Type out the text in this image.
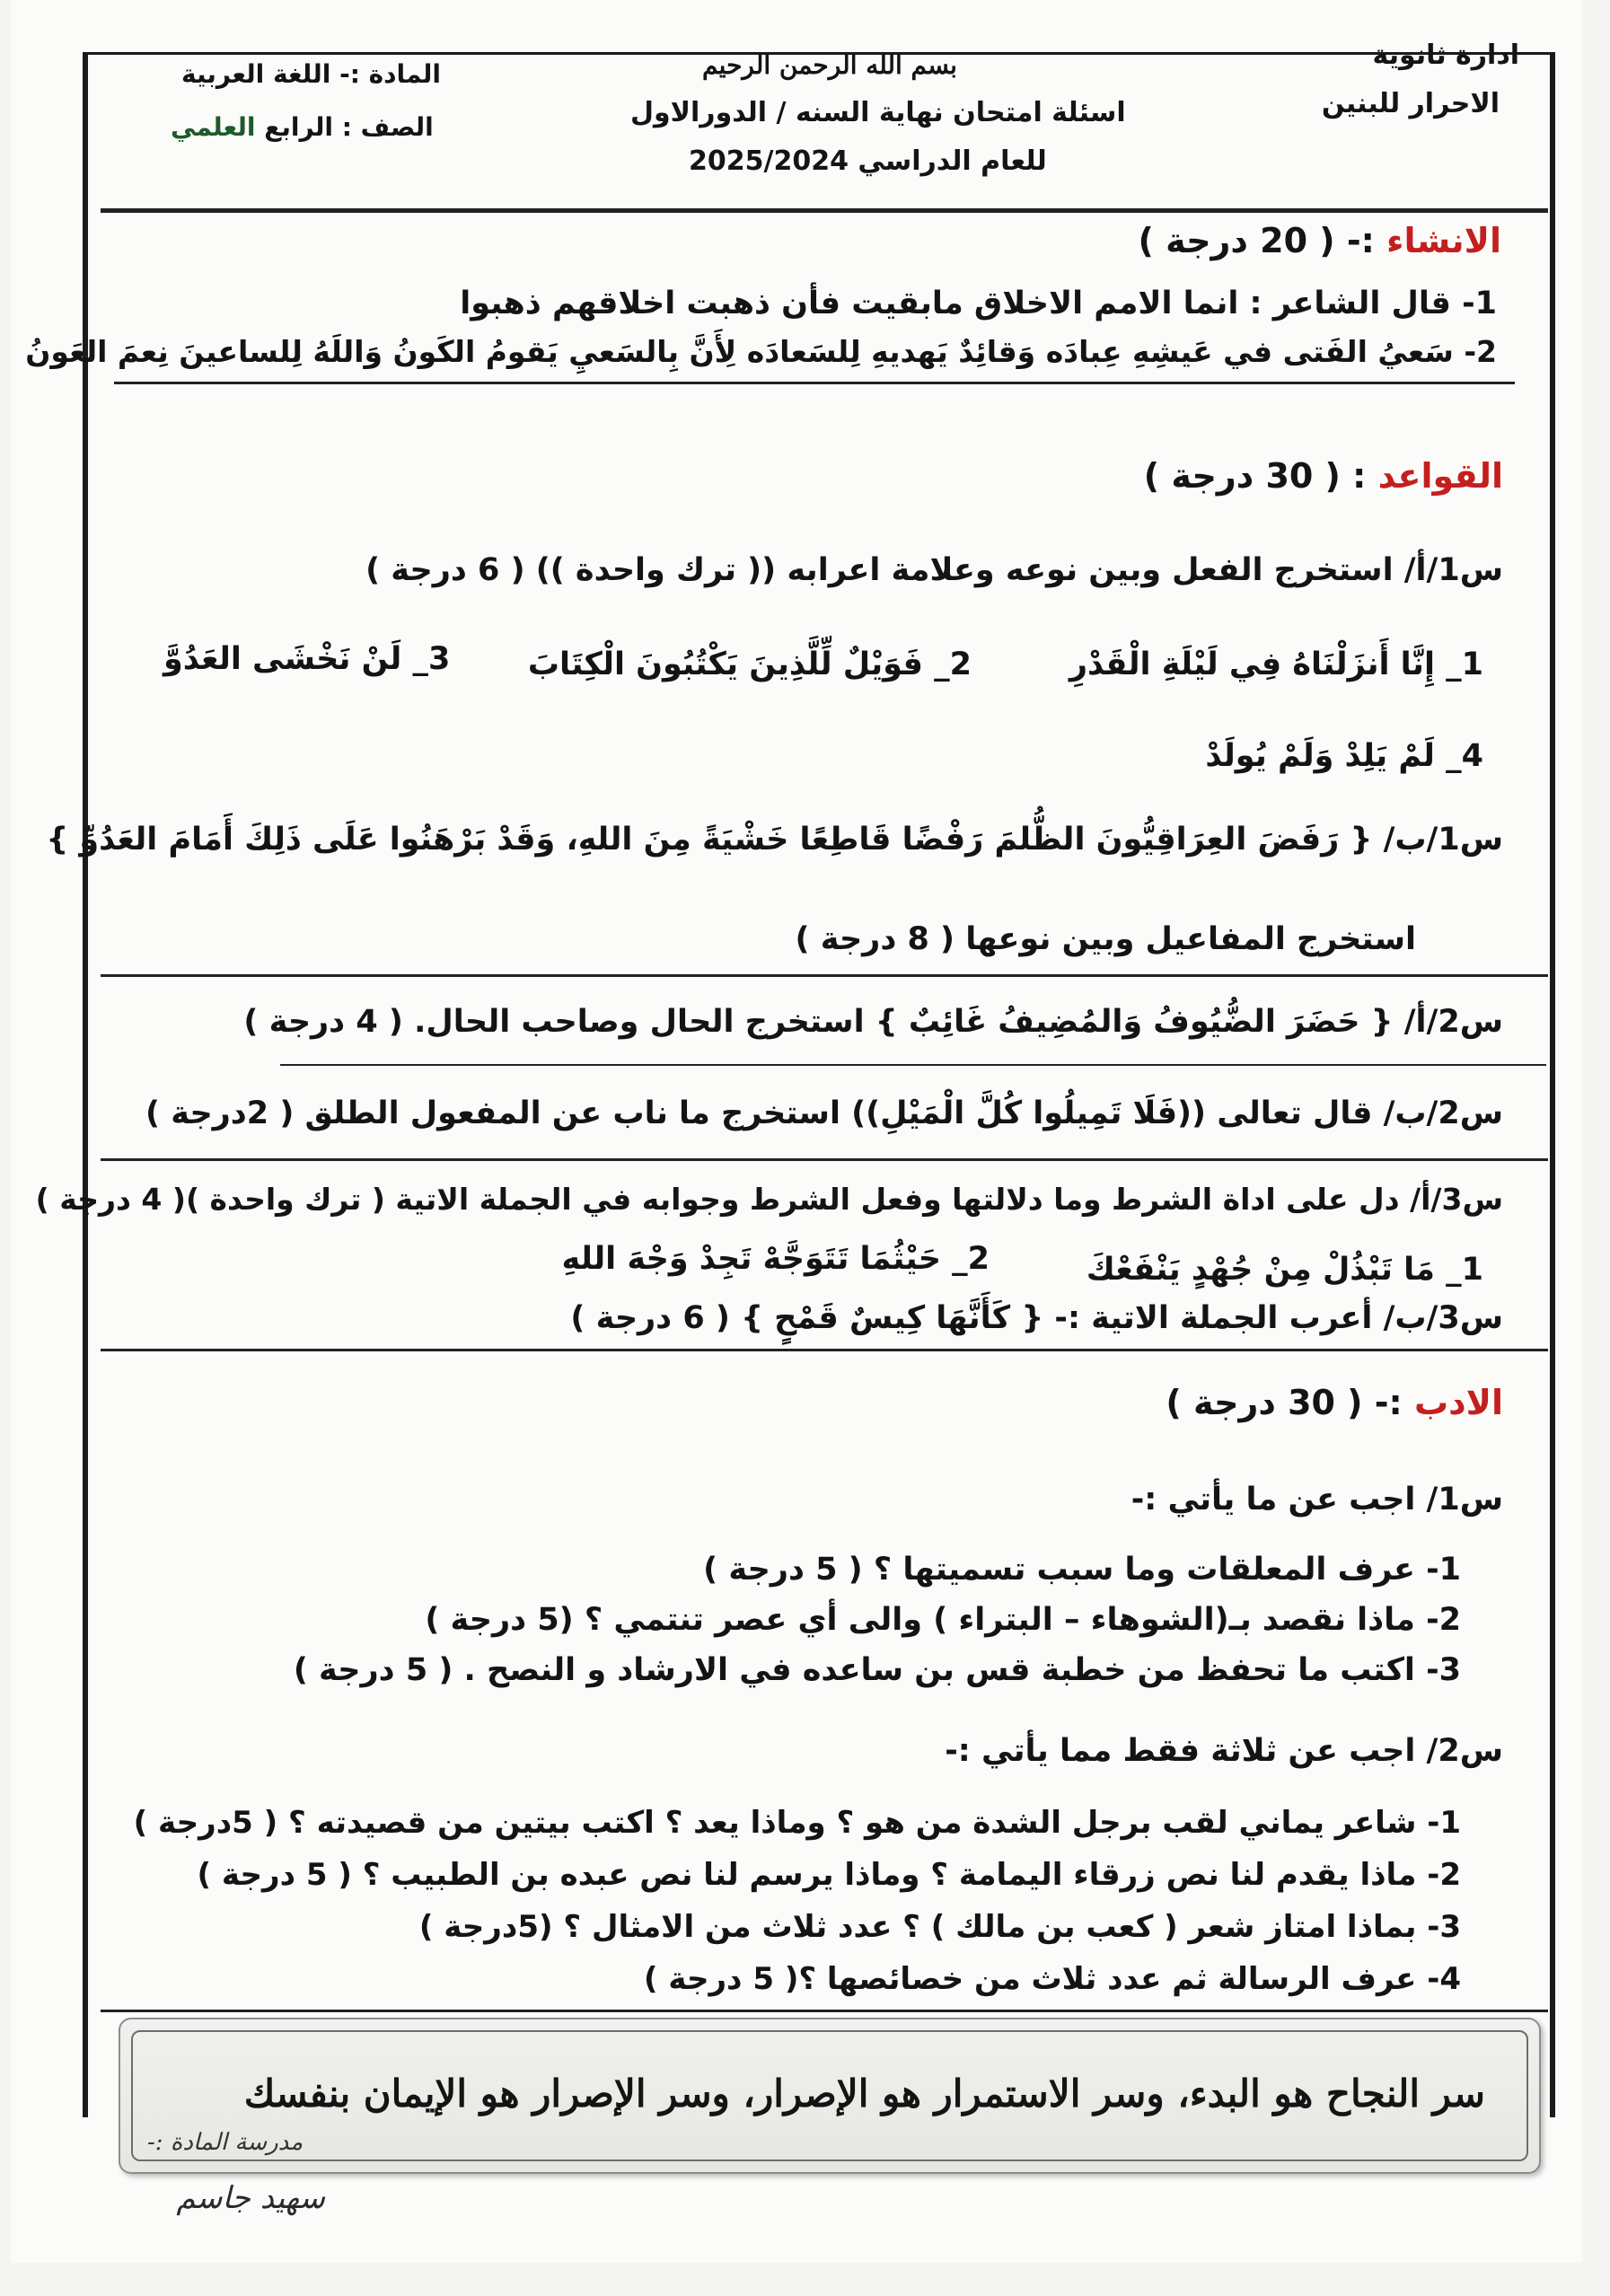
ادارة ثانوية
الاحرار للبنين
بسم الله الرحمن الرحيم
اسئلة امتحان نهاية السنه / الدورالاول
للعام الدراسي 2025/2024
المادة :- اللغة العربية
الصف : الرابع العلمي
الانشاء :- ( 20 درجة )
1- قال الشاعر : انما الامم الاخلاق مابقيت فأن ذهبت اخلاقهم ذهبوا
2- سَعيُ الفَتى في عَيشِهِ عِبادَه وَقائِدٌ يَهديهِ لِلسَعادَه لِأَنَّ بِالسَعيِ يَقومُ الكَونُ وَاللَهُ لِلساعينَ نِعمَ العَونُ
القواعد : ( 30 درجة )
س1/أ/ استخرج الفعل وبين نوعه وعلامة اعرابه (( ترك واحدة )) ( 6 درجة )
1_ إِنَّا أَنزَلْنَاهُ فِي لَيْلَةِ الْقَدْرِ
2_ فَوَيْلٌ لِّلَّذِينَ يَكْتُبُونَ الْكِتَابَ
3_ لَنْ نَخْشَى العَدُوَّ
4_ لَمْ يَلِدْ وَلَمْ يُولَدْ
س1/ب/ { رَفَضَ العِرَاقِيُّونَ الظُّلمَ رَفْضًا قَاطِعًا خَشْيَةً مِنَ اللهِ، وَقَدْ بَرْهَنُوا عَلَى ذَلِكَ أَمَامَ العَدُوِّ }
استخرج المفاعيل وبين نوعها ( 8 درجة )
س2/أ/ { حَضَرَ الضُّيُوفُ وَالمُضِيفُ غَائِبٌ } استخرج الحال وصاحب الحال. ( 4 درجة )
س2/ب/ قال تعالى ((فَلَا تَمِيلُوا كُلَّ الْمَيْلِ)) استخرج ما ناب عن المفعول الطلق ( 2درجة )
س3/أ/ دل على اداة الشرط وما دلالتها وفعل الشرط وجوابه في الجملة الاتية ( ترك واحدة )( 4 درجة )
1_ مَا تَبْذُلْ مِنْ جُهْدٍ يَنْفَعْكَ
2_ حَيْثُمَا تَتَوَجَّهْ تَجِدْ وَجْهَ اللهِ
س3/ب/ أعرب الجملة الاتية :- { كَأَنَّهَا كِيسٌ قَمْحٍ } ( 6 درجة )
الادب :- ( 30 درجة )
س1/ اجب عن ما يأتي :-
1- عرف المعلقات وما سبب تسميتها ؟ ( 5 درجة )
2- ماذا نقصد بـ(الشوهاء – البتراء ) والى أي عصر تنتمي ؟ (5 درجة )
3- اكتب ما تحفظ من خطبة قس بن ساعده في الارشاد و النصح . ( 5 درجة )
س2/ اجب عن ثلاثة فقط مما يأتي :-
1- شاعر يماني لقب برجل الشدة من هو ؟ وماذا يعد ؟ اكتب بيتين من قصيدته ؟ ( 5درجة )
2- ماذا يقدم لنا نص زرقاء اليمامة ؟ وماذا يرسم لنا نص عبده بن الطبيب ؟ ( 5 درجة )
3- بماذا امتاز شعر ( كعب بن مالك ) ؟ عدد ثلاث من الامثال ؟ (5درجة )
4- عرف الرسالة ثم عدد ثلاث من خصائصها ؟( 5 درجة )
سر النجاح هو البدء، وسر الاستمرار هو الإصرار، وسر الإصرار هو الإيمان بنفسك
مدرسة المادة :-
سهيد جاسم
